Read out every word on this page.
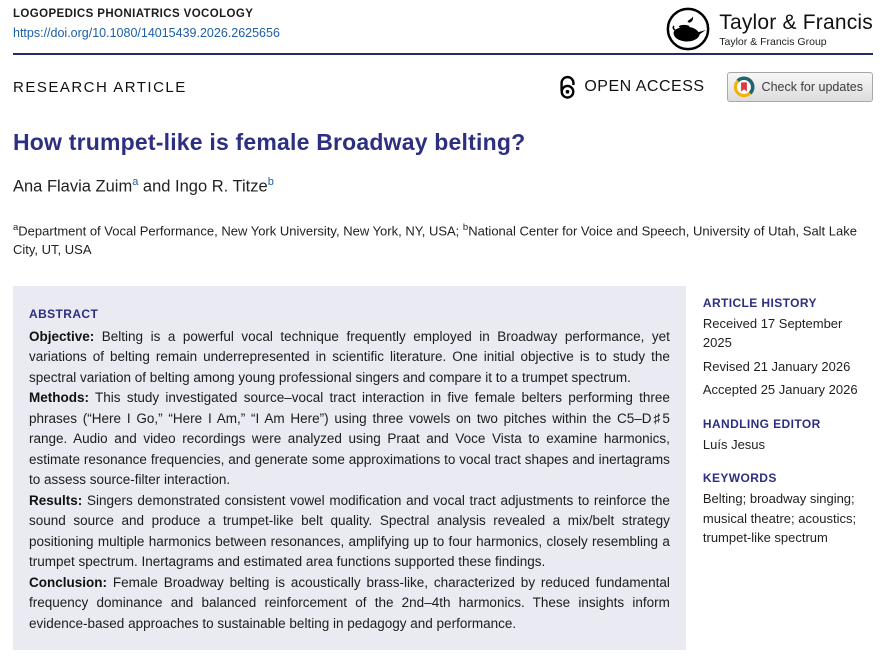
LOGOPEDICS PHONIATRICS VOCOLOGY
https://doi.org/10.1080/14015439.2026.2625656	Taylor & Francis
Taylor & Francis Group
RESEARCH ARTICLE	OPEN ACCESS	Check for updates
How trumpet-like is female Broadway belting?
Ana Flavia Zuim$^a$ and Ingo R. Titze$^b$
$^a$Department of Vocal Performance, New York University, New York, NY, USA; $^b$National Center for Voice and Speech, University of Utah, Salt Lake City, UT, USA
ABSTRACT

Objective: Belting is a powerful vocal technique frequently employed in Broadway performance, yet variations of belting remain underrepresented in scientific literature. One initial objective is to study the spectral variation of belting among young professional singers and compare it to a trumpet spectrum.

Methods: This study investigated source–vocal tract interaction in five female belters performing three phrases (“Here I Go,” “Here I Am,” “I Am Here”) using three vowels on two pitches within the C5–D♯5 range. Audio and video recordings were analyzed using Praat and Voce Vista to examine harmonics, estimate resonance frequencies, and generate some approximations to vocal tract shapes and inertagrams to assess source-filter interaction.

Results: Singers demonstrated consistent vowel modification and vocal tract adjustments to reinforce the sound source and produce a trumpet-like belt quality. Spectral analysis revealed a mix/belt strategy positioning multiple harmonics between resonances, amplifying up to four harmonics, closely resembling a trumpet spectrum. Inertagrams and estimated area functions supported these findings.

Conclusion: Female Broadway belting is acoustically brass-like, characterized by reduced fundamental frequency dominance and balanced reinforcement of the 2nd–4th harmonics. These insights inform evidence-based approaches to sustainable belting in pedagogy and performance.

ARTICLE HISTORY
Received 17 September 2025
Revised 21 January 2026
Accepted 25 January 2026
HANDLING EDITOR
Luís Jesus
KEYWORDS
Belting; broadway singing; musical theatre; acoustics; trumpet-like spectrum
